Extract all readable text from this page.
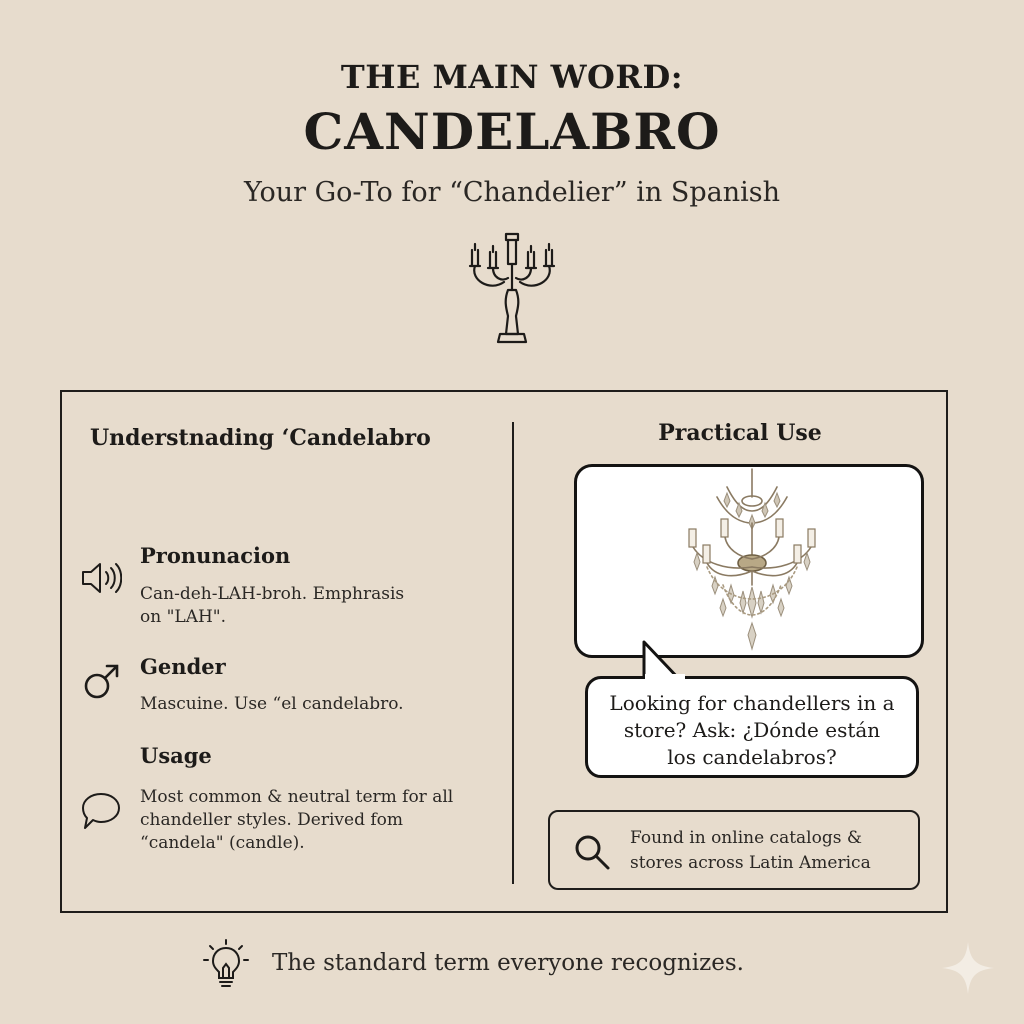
THE MAIN WORD:
CANDELABRO
Your Go-To for “Chandelier” in Spanish
Understnading ‘Candelabro	Practical Use
Pronunacion
Can-deh-LAH-broh. Emphrasis
on "LAH".
Gender
Mascuine. Use “el candelabro.
Usage
Most common & neutral term for all
chandeller styles. Derived fom
“candela" (candle).
Looking for chandellers in a
store? Ask: ¿Dónde están
los candelabros?
Found in online catalogs &
stores across Latin America
The standard term everyone recognizes.
